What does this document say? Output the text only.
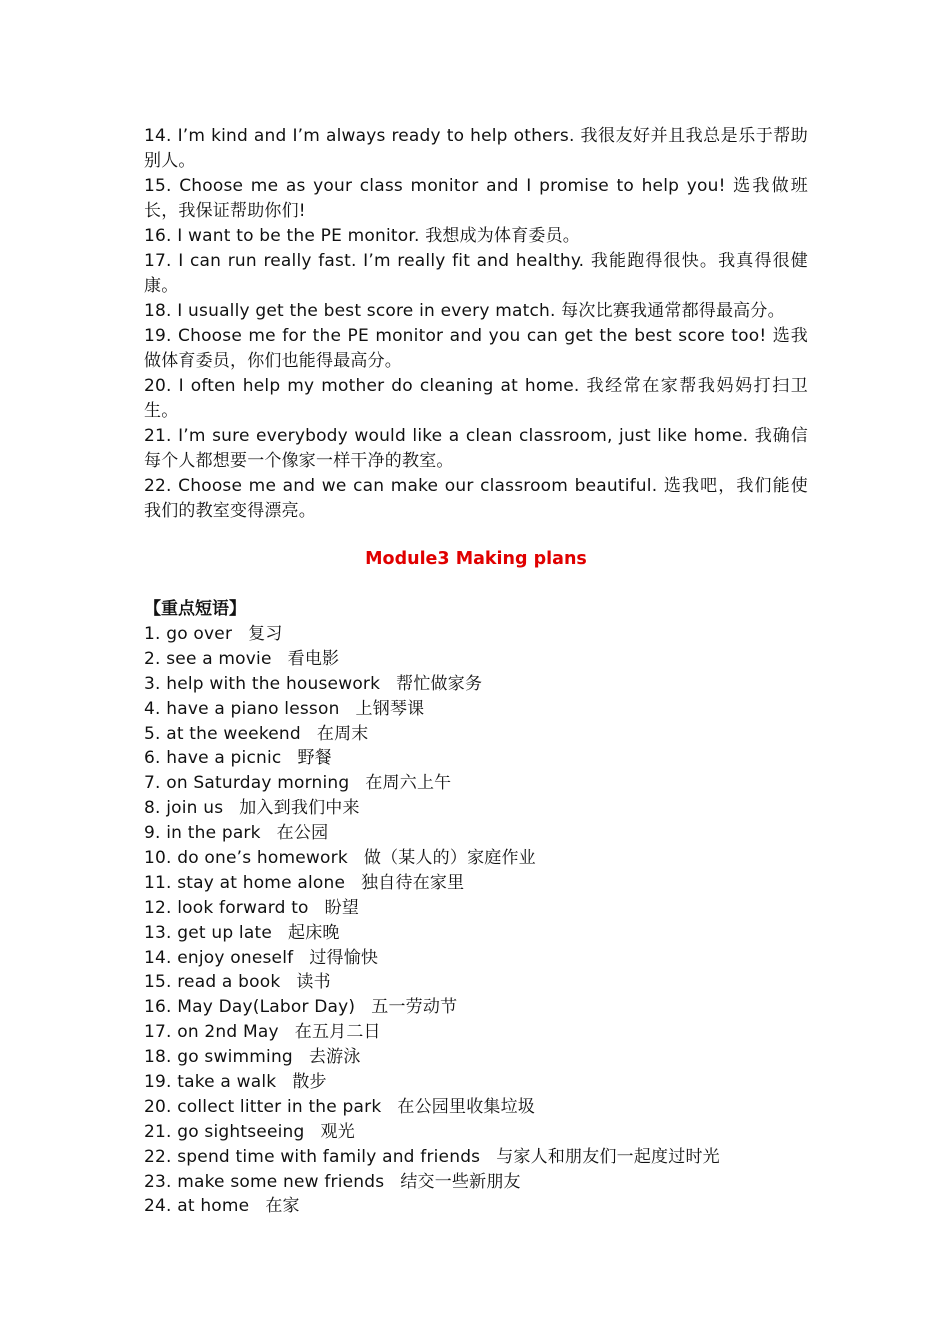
14. I’m kind and I’m always ready to help others. 我很友好并且我总是乐于帮助别人。

15. Choose me as your class monitor and I promise to help you! 选我做班长，我保证帮助你们!

16. I want to be the PE monitor. 我想成为体育委员。

17. I can run really fast. I’m really fit and healthy. 我能跑得很快。我真得很健康。

18. I usually get the best score in every match. 每次比赛我通常都得最高分。

19. Choose me for the PE monitor and you can get the best score too! 选我做体育委员，你们也能得最高分。

20. I often help my mother do cleaning at home. 我经常在家帮我妈妈打扫卫生。

21. I’m sure everybody would like a clean classroom, just like home. 我确信每个人都想要一个像家一样干净的教室。

22. Choose me and we can make our classroom beautiful. 选我吧，我们能使我们的教室变得漂亮。

Module3 Making plans
【重点短语】
1. go over 复习
2. see a movie 看电影
3. help with the housework 帮忙做家务
4. have a piano lesson 上钢琴课
5. at the weekend 在周末
6. have a picnic 野餐
7. on Saturday morning 在周六上午
8. join us 加入到我们中来
9. in the park 在公园
10. do one’s homework 做（某人的）家庭作业
11. stay at home alone 独自待在家里
12. look forward to 盼望
13. get up late 起床晚
14. enjoy oneself 过得愉快
15. read a book 读书
16. May Day(Labor Day) 五一劳动节
17. on 2nd May 在五月二日
18. go swimming 去游泳
19. take a walk 散步
20. collect litter in the park 在公园里收集垃圾
21. go sightseeing 观光
22. spend time with family and friends 与家人和朋友们一起度过时光
23. make some new friends 结交一些新朋友
24. at home 在家
